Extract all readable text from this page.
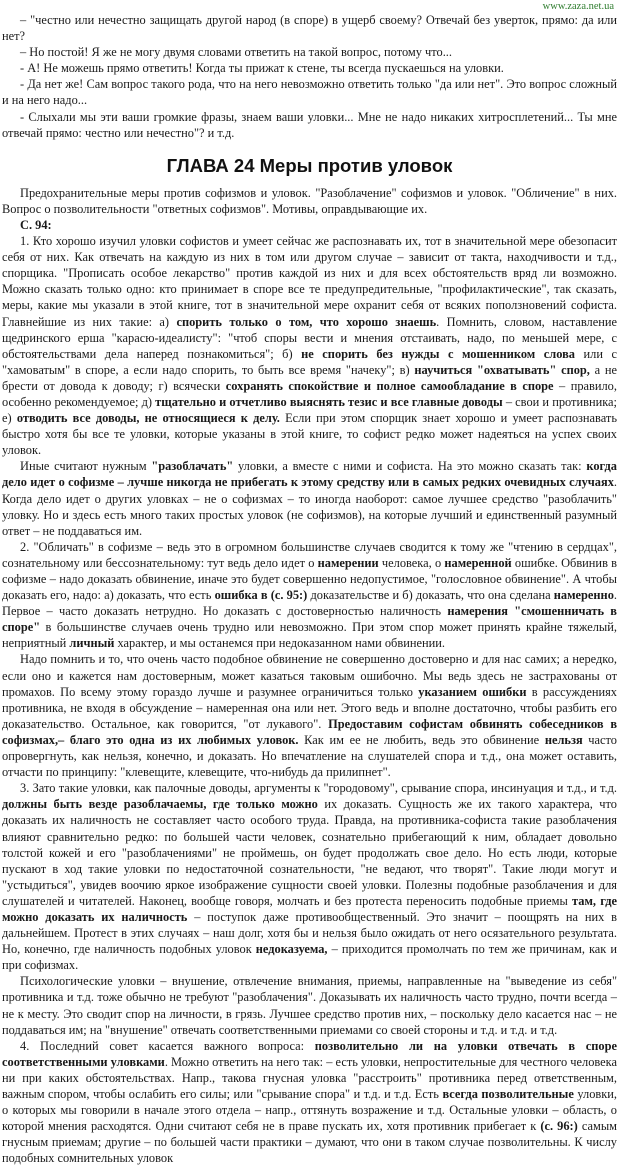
www.zaza.net.ua

– "честно или нечестно защищать другой народ (в споре) в ущерб своему? Отвечай без уверток, прямо: да или нет?

– Но постой! Я же не могу двумя словами ответить на такой вопрос, потому что...

- А! Не можешь прямо ответить! Когда ты прижат к стене, ты всегда пускаешься на уловки.

- Да нет же! Сам вопрос такого рода, что на него невозможно ответить только "да или нет". Это вопрос сложный и на него надо...

- Слыхали мы эти ваши громкие фразы, знаем ваши уловки... Мне не надо никаких хитросплетений... Ты мне отвечай прямо: честно или нечестно"? и т.д.

ГЛАВА 24 Меры против уловок

Предохранительные меры против софизмов и уловок. "Разоблачение" софизмов и уловок. "Обличение" в них. Вопрос о позволительности "ответных софизмов". Мотивы, оправдывающие их.

С. 94:

1. Кто хорошо изучил уловки софистов и умеет сейчас же распознавать их, тот в значительной мере обезопасит себя от них. Как отвечать на каждую из них в том или другом случае – зависит от такта, находчивости и т.д., спорщика. "Прописать особое лекарство" против каждой из них и для всех обстоятельств вряд ли возможно. Можно сказать только одно: кто принимает в споре все те предупредительные, "профилактические", так сказать, меры, какие мы указали в этой книге, тот в значительной мере охранит себя от всяких поползновений софиста. Главнейшие из них такие: а) спорить только о том, что хорошо знаешь. Помнить, словом, наставление щедринского ерша "карасю-идеалисту": "чтоб споры вести и мнения отстаивать, надо, по меньшей мере, с обстоятельствами дела наперед познакомиться"; б) не спорить без нужды с мошенником слова или с "хамоватым" в споре, а если надо спорить, то быть все время "начеку"; в) научиться "охватывать" спор, а не брести от довода к доводу; г) всячески сохранять спокойствие и полное самообладание в споре – правило, особенно рекомендуемое; д) тщательно и отчетливо выяснять тезис и все главные доводы – свои и противника; е) отводить все доводы, не относящиеся к делу. Если при этом спорщик знает хорошо и умеет распознавать быстро хотя бы все те уловки, которые указаны в этой книге, то софист редко может надеяться на успех своих уловок.

Иные считают нужным "разоблачать" уловки, а вместе с ними и софиста. На это можно сказать так: когда дело идет о софизме – лучше никогда не прибегать к этому средству или в самых редких очевидных случаях. Когда дело идет о других уловках – не о софизмах – то иногда наоборот: самое лучшее средство "разоблачить" уловку. Но и здесь есть много таких простых уловок (не софизмов), на которые лучший и единственный разумный ответ – не поддаваться им.

2. "Обличать" в софизме – ведь это в огромном большинстве случаев сводится к тому же "чтению в сердцах", сознательному или бессознательному: тут ведь дело идет о намерении человека, о намеренной ошибке. Обвинив в софизме – надо доказать обвинение, иначе это будет совершенно недопустимое, "голословное обвинение". А чтобы доказать его, надо: а) доказать, что есть ошибка в (с. 95:) доказательстве и б) доказать, что она сделана намеренно. Первое – часто доказать нетрудно. Но доказать с достоверностью наличность намерения "смошенничать в споре" в большинстве случаев очень трудно или невозможно. При этом спор может принять крайне тяжелый, неприятный личный характер, и мы останемся при недоказанном нами обвинении.

Надо помнить и то, что очень часто подобное обвинение не совершенно достоверно и для нас самих; а нередко, если оно и кажется нам достоверным, может казаться таковым ошибочно. Мы ведь здесь не застрахованы от промахов. По всему этому гораздо лучше и разумнее ограничиться только указанием ошибки в рассуждениях противника, не входя в обсуждение – намеренная она или нет. Этого ведь и вполне достаточно, чтобы разбить его доказательство. Остальное, как говорится, "от лукавого". Предоставим софистам обвинять собеседников в софизмах,– благо это одна из их любимых уловок. Как им ее не любить, ведь это обвинение нельзя часто опровергнуть, как нельзя, конечно, и доказать. Но впечатление на слушателей спора и т.д., она может оставить, отчасти по принципу: "клевещите, клевещите, что-нибудь да прилипнет".

3. Зато такие уловки, как палочные доводы, аргументы к "городовому", срывание спора, инсинуация и т.д., и т.д. должны быть везде разоблачаемы, где только можно их доказать. Сущность же их такого характера, что доказать их наличность не составляет часто особого труда. Правда, на противника-софиста такие разоблачения влияют сравнительно редко: по большей части человек, сознательно прибегающий к ним, обладает довольно толстой кожей и его "разоблачениями" не проймешь, он будет продолжать свое дело. Но есть люди, которые пускают в ход такие уловки по недостаточной сознательности, "не ведают, что творят". Такие люди могут и "устыдиться", увидев воочию яркое изображение сущности своей уловки. Полезны подобные разоблачения и для слушателей и читателей. Наконец, вообще говоря, молчать и без протеста переносить подобные приемы там, где можно доказать их наличность – поступок даже противообщественный. Это значит – поощрять на них в дальнейшем. Протест в этих случаях – наш долг, хотя бы и нельзя было ожидать от него осязательного результата. Но, конечно, где наличность подобных уловок недоказуема, – приходится промолчать по тем же причинам, как и при софизмах.

Психологические уловки – внушение, отвлечение внимания, приемы, направленные на "выведение из себя" противника и т.д. тоже обычно не требуют "разоблачения". Доказывать их наличность часто трудно, почти всегда – не к месту. Это сводит спор на личности, в грязь. Лучшее средство против них, – поскольку дело касается нас – не поддаваться им; на "внушение" отвечать соответственными приемами со своей стороны и т.д. и т.д. и т.д.

4. Последний совет касается важного вопроса: позволительно ли на уловки отвечать в споре соответственными уловками. Можно ответить на него так: – есть уловки, непростительные для честного человека ни при каких обстоятельствах. Напр., такова гнусная уловка "расстроить" противника перед ответственным, важным спором, чтобы ослабить его силы; или "срывание спора" и т.д. и т.д. Есть всегда позволительные уловки, о которых мы говорили в начале этого отдела – напр., оттянуть возражение и т.д. Остальные уловки – область, о которой мнения расходятся. Одни считают себя не в праве пускать их, хотя противник прибегает к (с. 96:) самым гнусным приемам; другие – по большей части практики – думают, что они в таком случае позволительны. К числу подобных сомнительных уловок
